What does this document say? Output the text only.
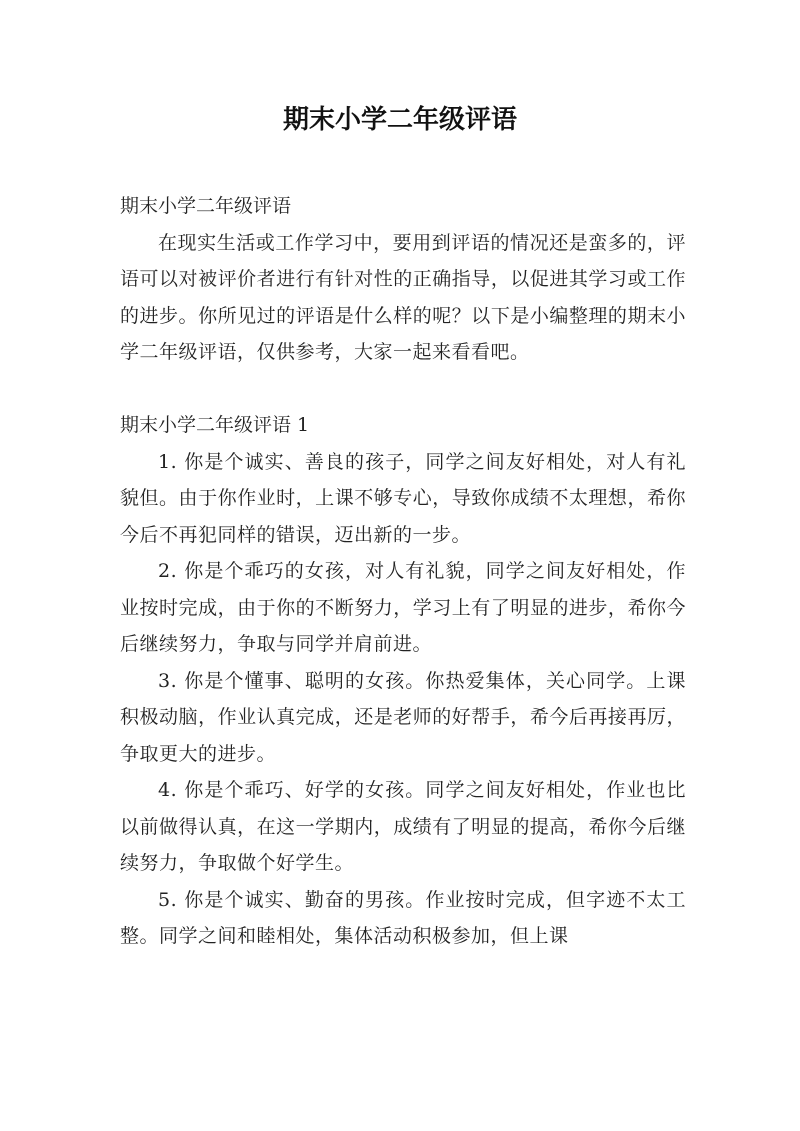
期末小学二年级评语

期末小学二年级评语

在现实生活或工作学习中，要用到评语的情况还是蛮多的，评语可以对被评价者进行有针对性的正确指导，以促进其学习或工作的进步。你所见过的评语是什么样的呢？以下是小编整理的期末小学二年级评语，仅供参考，大家一起来看看吧。

期末小学二年级评语 1

1. 你是个诚实、善良的孩子，同学之间友好相处，对人有礼貌但。由于你作业时，上课不够专心，导致你成绩不太理想，希你今后不再犯同样的错误，迈出新的一步。

2. 你是个乖巧的女孩，对人有礼貌，同学之间友好相处，作业按时完成，由于你的不断努力，学习上有了明显的进步，希你今后继续努力，争取与同学并肩前进。

3. 你是个懂事、聪明的女孩。你热爱集体，关心同学。上课积极动脑，作业认真完成，还是老师的好帮手，希今后再接再厉，争取更大的进步。

4. 你是个乖巧、好学的女孩。同学之间友好相处，作业也比以前做得认真，在这一学期内，成绩有了明显的提高，希你今后继续努力，争取做个好学生。

5. 你是个诚实、勤奋的男孩。作业按时完成，但字迹不太工整。同学之间和睦相处，集体活动积极参加，但上课
